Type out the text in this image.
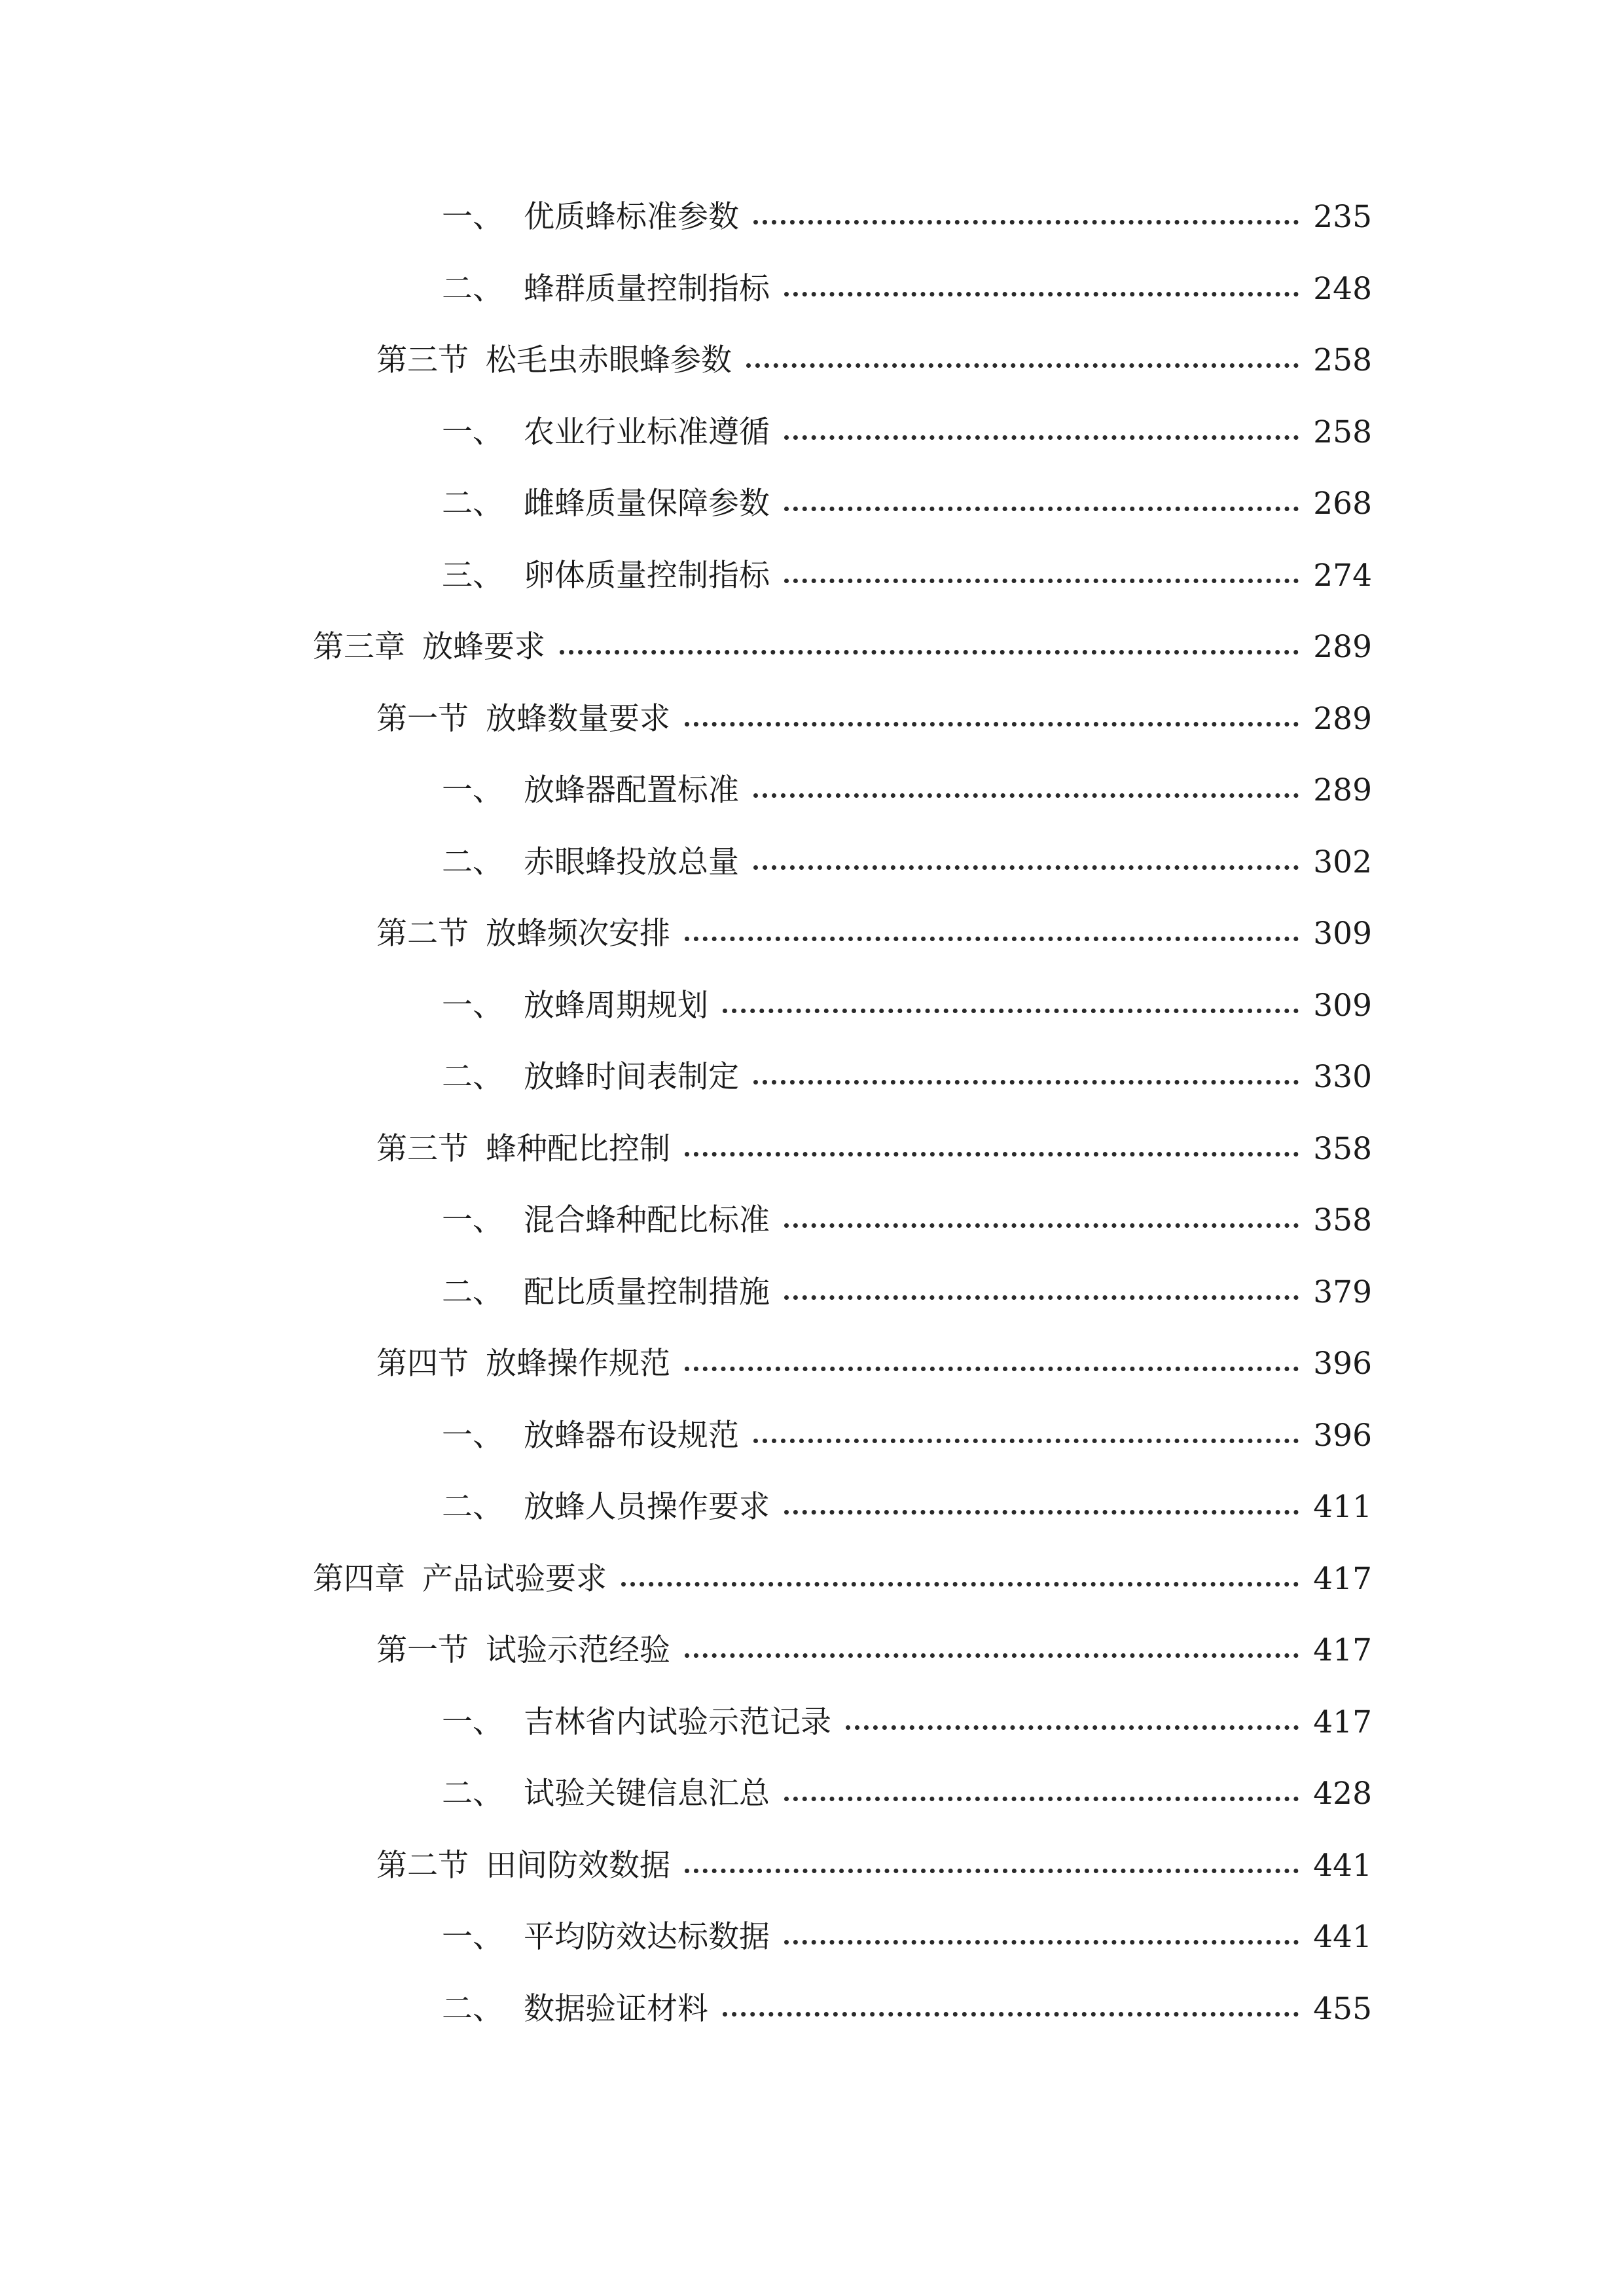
一、 优质蜂标准参数	235
二、 蜂群质量控制指标	248
第三节 松毛虫赤眼蜂参数	258
一、 农业行业标准遵循	258
二、 雌蜂质量保障参数	268
三、 卵体质量控制指标	274
第三章 放蜂要求	289
第一节 放蜂数量要求	289
一、 放蜂器配置标准	289
二、 赤眼蜂投放总量	302
第二节 放蜂频次安排	309
一、 放蜂周期规划	309
二、 放蜂时间表制定	330
第三节 蜂种配比控制	358
一、 混合蜂种配比标准	358
二、 配比质量控制措施	379
第四节 放蜂操作规范	396
一、 放蜂器布设规范	396
二、 放蜂人员操作要求	411
第四章 产品试验要求	417
第一节 试验示范经验	417
一、 吉林省内试验示范记录	417
二、 试验关键信息汇总	428
第二节 田间防效数据	441
一、 平均防效达标数据	441
二、 数据验证材料	455
